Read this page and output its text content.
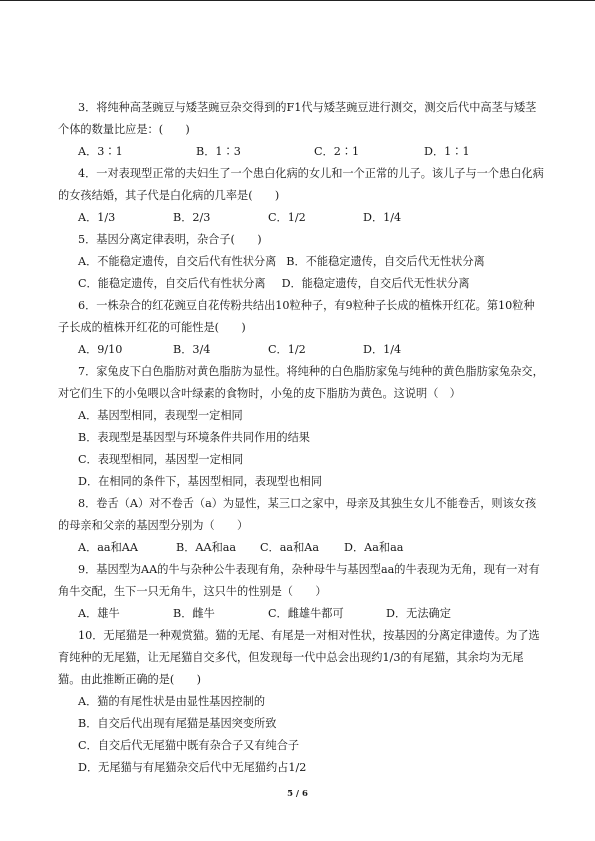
3．将纯种高茎豌豆与矮茎豌豆杂交得到的F1代与矮茎豌豆进行测交，测交后代中高茎与矮茎个体的数量比应是：(　　)

A．3∶1	B．1∶3	C．2∶1	D．1∶1

4．一对表现型正常的夫妇生了一个患白化病的女儿和一个正常的儿子。该儿子与一个患白化病的女孩结婚，其子代是白化病的几率是(　　)

A．1/3	B．2/3	C．1/2	D．1/4

5．基因分离定律表明，杂合子(　　)

A．不能稳定遗传，自交后代有性状分离 B．不能稳定遗传，自交后代无性状分离
C．能稳定遗传，自交后代有性状分离 D．能稳定遗传，自交后代无性状分离

6．一株杂合的红花豌豆自花传粉共结出10粒种子，有9粒种子长成的植株开红花。第10粒种子长成的植株开红花的可能性是(　　)

A．9/10	B．3/4	C．1/2	D．1/4

7．家兔皮下白色脂肪对黄色脂肪为显性。将纯种的白色脂肪家兔与纯种的黄色脂肪家兔杂交，对它们生下的小兔喂以含叶绿素的食物时，小兔的皮下脂肪为黄色。这说明（　）

A．基因型相同，表现型一定相同

B．表现型是基因型与环境条件共同作用的结果

C．表现型相同，基因型一定相同

D．在相同的条件下，基因型相同，表现型也相同

8．卷舌（A）对不卷舌（a）为显性，某三口之家中，母亲及其独生女儿不能卷舌，则该女孩的母亲和父亲的基因型分别为（　　）

A．aa和AA	B．AA和aa	C．aa和Aa	D．Aa和aa

9．基因型为AA的牛与杂种公牛表现有角，杂种母牛与基因型aa的牛表现为无角，现有一对有角牛交配，生下一只无角牛，这只牛的性别是（　　）

A．雄牛	B．雌牛	C．雌雄牛都可	D．无法确定

10．无尾猫是一种观赏猫。猫的无尾、有尾是一对相对性状，按基因的分离定律遗传。为了选育纯种的无尾猫，让无尾猫自交多代，但发现每一代中总会出现约1/3的有尾猫，其余均为无尾猫。由此推断正确的是(　　)

A．猫的有尾性状是由显性基因控制的

B．自交后代出现有尾猫是基因突变所致

C．自交后代无尾猫中既有杂合子又有纯合子

D．无尾猫与有尾猫杂交后代中无尾猫约占1/2

5 / 6
